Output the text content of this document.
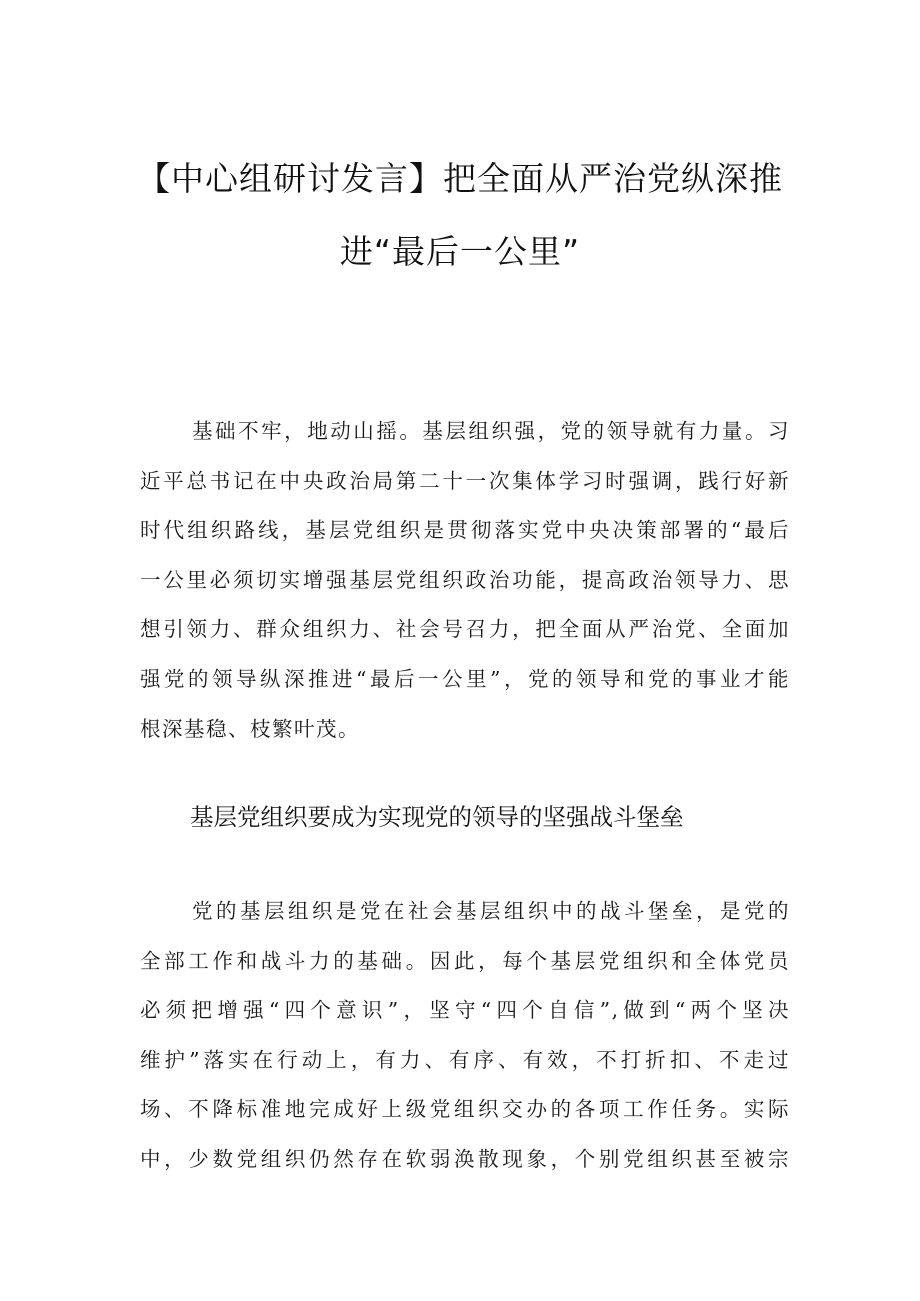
【中心组研讨发言】把全面从严治党纵深推
进“最后一公里”
基础不牢，地动山摇。基层组织强，党的领导就有力量。习
近平总书记在中央政治局第二十一次集体学习时强调，践行好新
时代组织路线，基层党组织是贯彻落实党中央决策部署的“最后
一公里必须切实增强基层党组织政治功能，提高政治领导力、思
想引领力、群众组织力、社会号召力，把全面从严治党、全面加
强党的领导纵深推进“最后一公里”，党的领导和党的事业才能
根深基稳、枝繁叶茂。
基层党组织要成为实现党的领导的坚强战斗堡垒
党的基层组织是党在社会基层组织中的战斗堡垒，是党的
全部工作和战斗力的基础。因此，每个基层党组织和全体党员
必须把增强“四个意识”，坚守“四个自信”,做到“两个坚决
维护”落实在行动上，有力、有序、有效，不打折扣、不走过
场、不降标准地完成好上级党组织交办的各项工作任务。实际
中，少数党组织仍然存在软弱涣散现象，个别党组织甚至被宗
